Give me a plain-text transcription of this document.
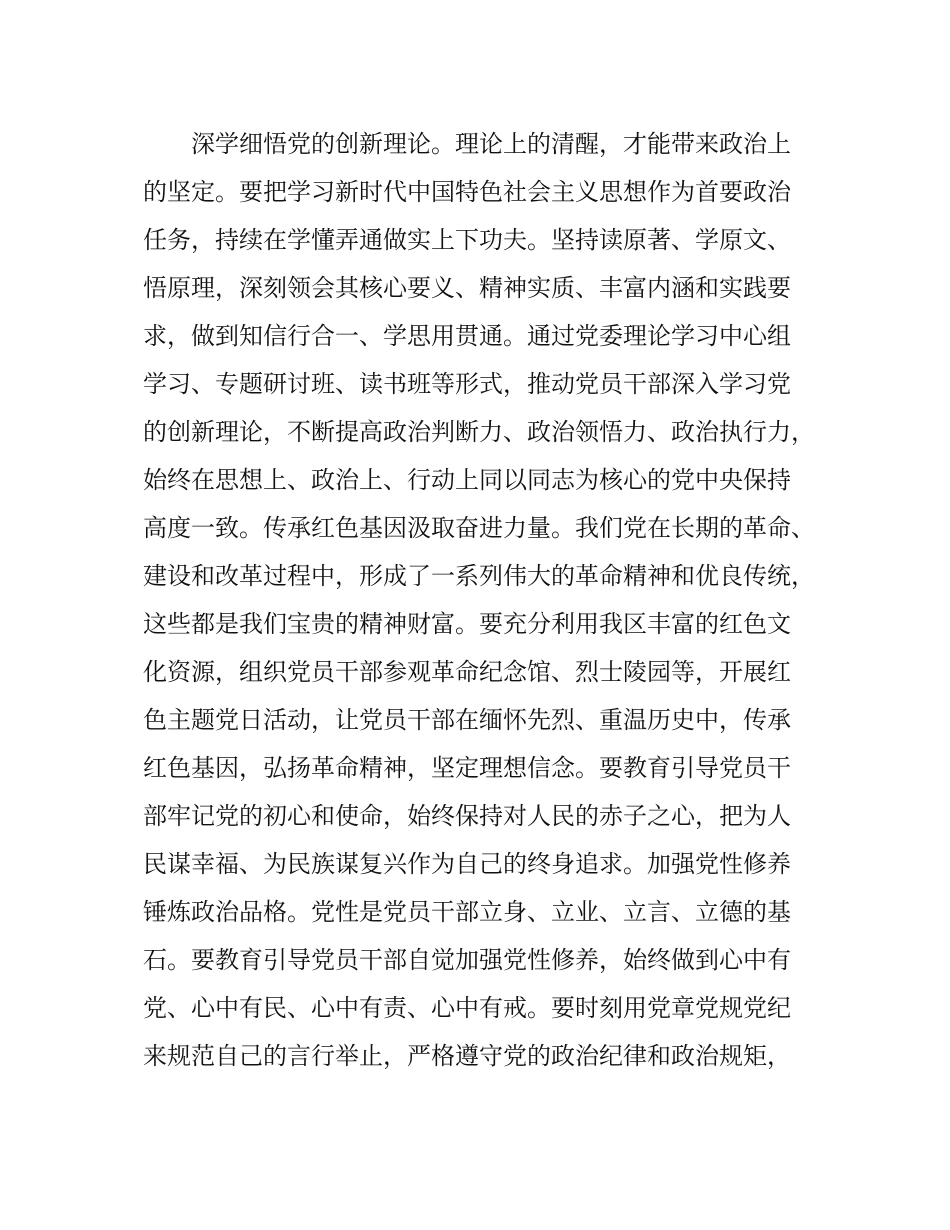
深学细悟党的创新理论。理论上的清醒，才能带来政治上
的坚定。要把学习新时代中国特色社会主义思想作为首要政治
任务，持续在学懂弄通做实上下功夫。坚持读原著、学原文、
悟原理，深刻领会其核心要义、精神实质、丰富内涵和实践要
求，做到知信行合一、学思用贯通。通过党委理论学习中心组
学习、专题研讨班、读书班等形式，推动党员干部深入学习党
的创新理论，不断提高政治判断力、政治领悟力、政治执行力，
始终在思想上、政治上、行动上同以同志为核心的党中央保持
高度一致。传承红色基因汲取奋进力量。我们党在长期的革命、
建设和改革过程中，形成了一系列伟大的革命精神和优良传统，
这些都是我们宝贵的精神财富。要充分利用我区丰富的红色文
化资源，组织党员干部参观革命纪念馆、烈士陵园等，开展红
色主题党日活动，让党员干部在缅怀先烈、重温历史中，传承
红色基因，弘扬革命精神，坚定理想信念。要教育引导党员干
部牢记党的初心和使命，始终保持对人民的赤子之心，把为人
民谋幸福、为民族谋复兴作为自己的终身追求。加强党性修养
锤炼政治品格。党性是党员干部立身、立业、立言、立德的基
石。要教育引导党员干部自觉加强党性修养，始终做到心中有
党、心中有民、心中有责、心中有戒。要时刻用党章党规党纪
来规范自己的言行举止，严格遵守党的政治纪律和政治规矩，
